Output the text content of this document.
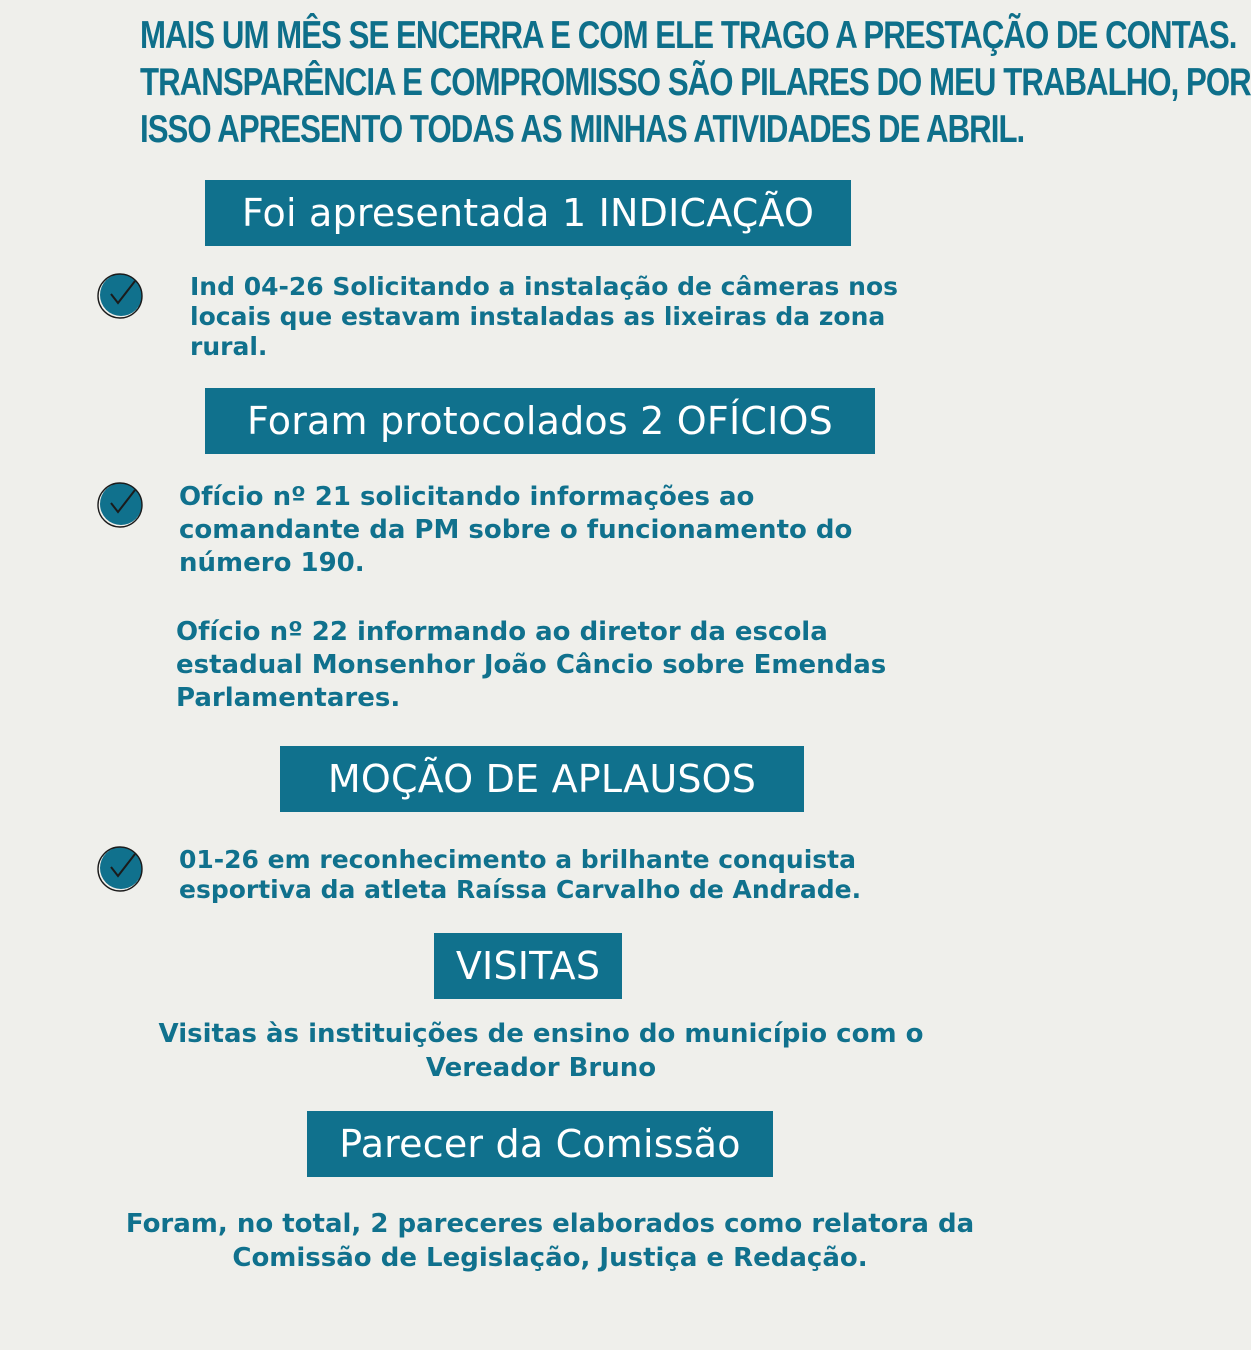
MAIS UM MÊS SE ENCERRA E COM ELE TRAGO A PRESTAÇÃO DE CONTAS.
TRANSPARÊNCIA E COMPROMISSO SÃO PILARES DO MEU TRABALHO, POR
ISSO APRESENTO TODAS AS MINHAS ATIVIDADES DE ABRIL.
Foi apresentada 1 INDICAÇÃO
Ind 04-26 Solicitando a instalação de câmeras nos
locais que estavam instaladas as lixeiras da zona
rural.
Foram protocolados 2 OFÍCIOS
Ofício nº 21 solicitando informações ao
comandante da PM sobre o funcionamento do
número 190.
Ofício nº 22 informando ao diretor da escola
estadual Monsenhor João Câncio sobre Emendas
Parlamentares.
MOÇÃO DE APLAUSOS
01-26 em reconhecimento a brilhante conquista
esportiva da atleta Raíssa Carvalho de Andrade.
VISITAS
Visitas às instituições de ensino do município com o
Vereador Bruno
Parecer da Comissão
Foram, no total, 2 pareceres elaborados como relatora da
Comissão de Legislação, Justiça e Redação.
